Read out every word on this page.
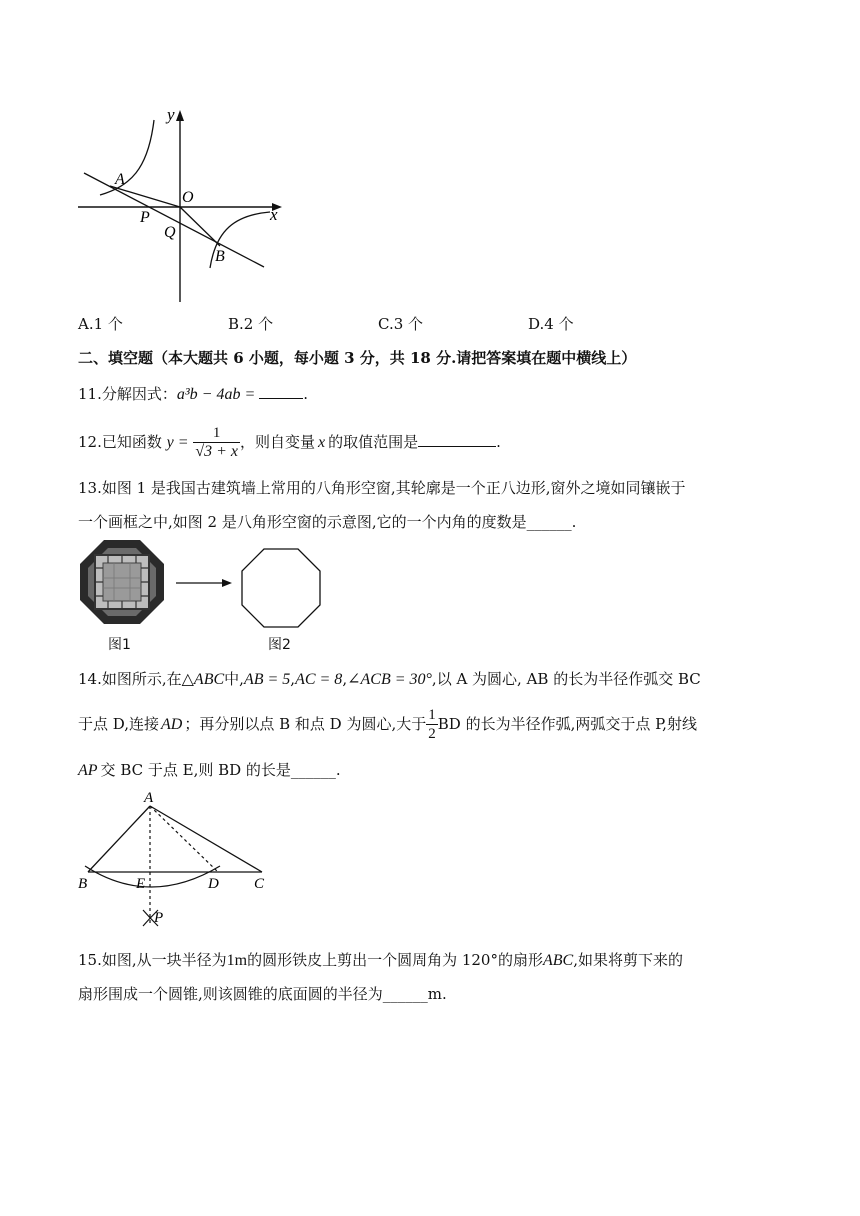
y
x
A
O
P
Q
B
A.1 个	B.2 个	C.3 个	D.4 个
二、填空题（本大题共 6 小题，每小题 3 分，共 18 分.请把答案填在题中横线上）
11.分解因式：a³b − 4ab =	.
12.已知函数 $y = \frac{1}{√3 + x}$ ，则自变量 x 的取值范围是	.
13.如图 1 是我国古建筑墙上常用的八角形空窗,其轮廓是一个正八边形,窗外之境如同镶嵌于
一个画框之中,如图 2 是八角形空窗的示意图,它的一个内角的度数是______.
图1	图2
14.如图所示,在△ABC中,AB = 5,AC = 8,∠ACB = 30°,以 A 为圆心, AB 的长为半径作弧交 BC
于点 D,连接 AD ；再分别以点 B 和点 D 为圆心,大于 $\frac{1}{2}$ BD 的长为半径作弧,两弧交于点 P,射线
AP 交 BC 于点 E,则 BD 的长是______.
A
B	E	D C
P
15.如图,从一块半径为1m的圆形铁皮上剪出一个圆周角为 120°的扇形ABC,如果将剪下来的
扇形围成一个圆锥,则该圆锥的底面圆的半径为______m.
